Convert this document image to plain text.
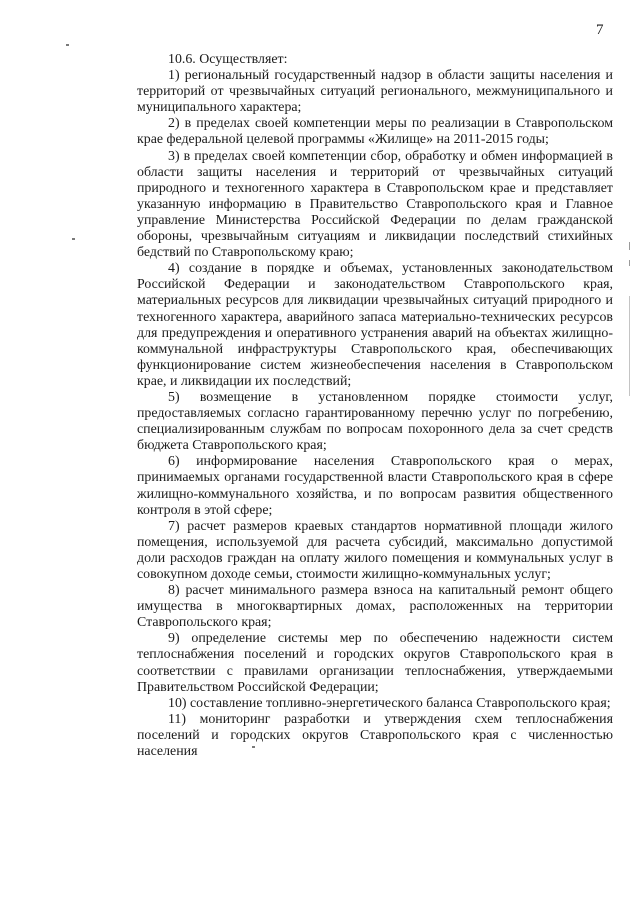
7

10.6. Осуществляет:

1) региональный государственный надзор в области защиты населения и территорий от чрезвычайных ситуаций регионального, межмуниципального и муниципального характера;

2) в пределах своей компетенции меры по реализации в Ставропольском крае федеральной целевой программы «Жилище» на 2011-2015 годы;

3) в пределах своей компетенции сбор, обработку и обмен информацией в области защиты населения и территорий от чрезвычайных ситуаций природного и техногенного характера в Ставропольском крае и представляет указанную информацию в Правительство Ставропольского края и Главное управление Министерства Российской Федерации по делам гражданской обороны, чрезвычайным ситуациям и ликвидации последствий стихийных бедствий по Ставропольскому краю;

4) создание в порядке и объемах, установленных законодательством Российской Федерации и законодательством Ставропольского края, материальных ресурсов для ликвидации чрезвычайных ситуаций природного и техногенного характера, аварийного запаса материально-технических ресурсов для предупреждения и оперативного устранения аварий на объектах жилищно-коммунальной инфраструктуры Ставропольского края, обеспечивающих функционирование систем жизнеобеспечения населения в Ставропольском крае, и ликвидации их последствий;

5) возмещение в установленном порядке стоимости услуг, предоставляемых согласно гарантированному перечню услуг по погребению, специализированным службам по вопросам похоронного дела за счет средств бюджета Ставропольского края;

6) информирование населения Ставропольского края о мерах, принимаемых органами государственной власти Ставропольского края в сфере жилищно-коммунального хозяйства, и по вопросам развития общественного контроля в этой сфере;

7) расчет размеров краевых стандартов нормативной площади жилого помещения, используемой для расчета субсидий, максимально допустимой доли расходов граждан на оплату жилого помещения и коммунальных услуг в совокупном доходе семьи, стоимости жилищно-коммунальных услуг;

8) расчет минимального размера взноса на капитальный ремонт общего имущества в многоквартирных домах, расположенных на территории Ставропольского края;

9) определение системы мер по обеспечению надежности систем теплоснабжения поселений и городских округов Ставропольского края в соответствии с правилами организации теплоснабжения, утверждаемыми Правительством Российской Федерации;

10) составление топливно-энергетического баланса Ставропольского края;

11) мониторинг разработки и утверждения схем теплоснабжения поселений и городских округов Ставропольского края с численностью населения
